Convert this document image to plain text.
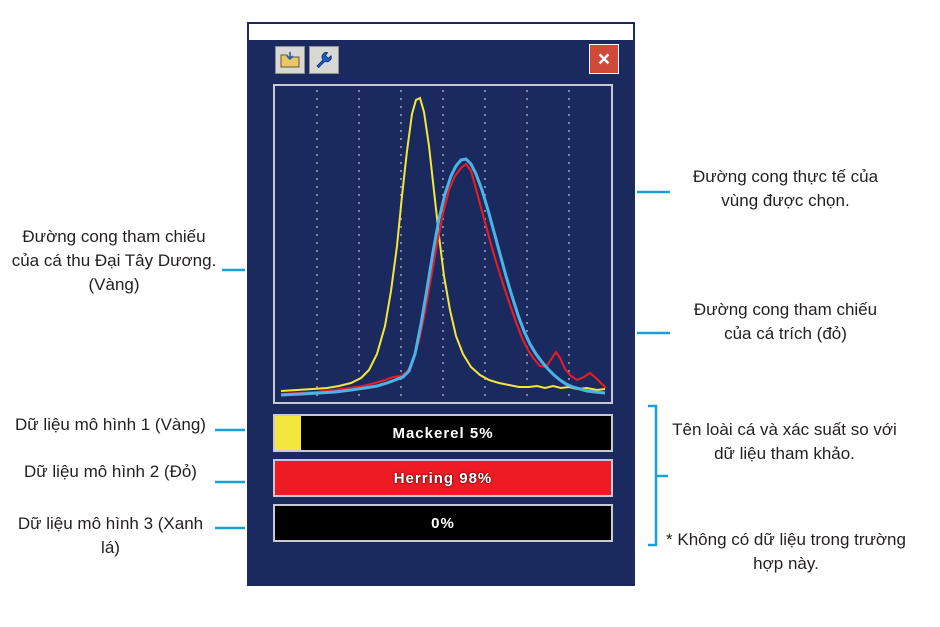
×
Mackerel 5%
Herring 98%
0%
Đường cong tham chiếu của cá thu Đại Tây Dương. (Vàng)
Dữ liệu mô hình 1 (Vàng)
Dữ liệu mô hình 2 (Đỏ)
Dữ liệu mô hình 3 (Xanh lá)
Đường cong thực tế của vùng được chọn.
Đường cong tham chiếu của cá trích (đỏ)
Tên loài cá và xác suất so với dữ liệu tham khảo.
* Không có dữ liệu trong trường hợp này.
